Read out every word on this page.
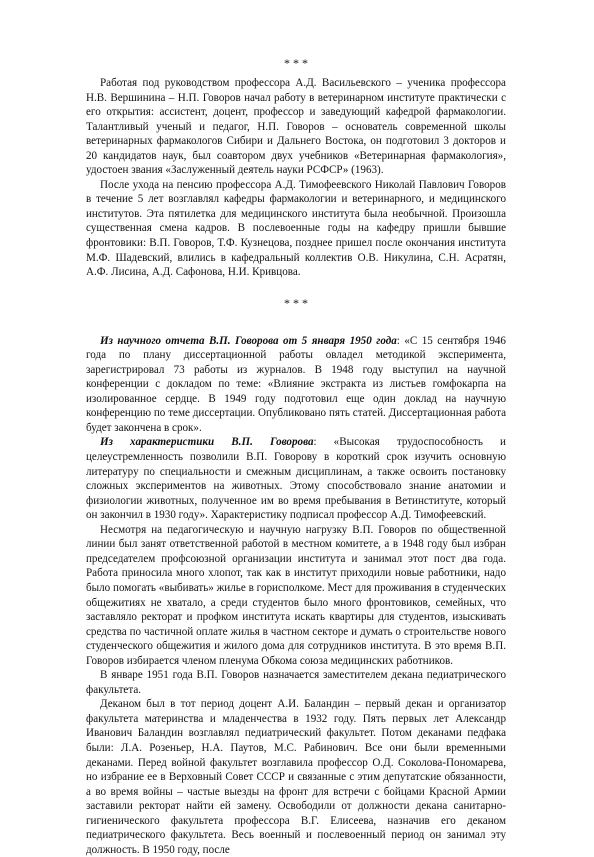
* * *

Работая под руководством профессора А.Д. Васильевского – ученика профессора Н.В. Вершинина – Н.П. Говоров начал работу в ветеринарном институте практически с его открытия: ассистент, доцент, профессор и заведующий кафедрой фармакологии. Талантливый ученый и педагог, Н.П. Говоров – основатель современной школы ветеринарных фармакологов Сибири и Дальнего Востока, он подготовил 3 докторов и 20 кандидатов наук, был соавтором двух учебников «Ветеринарная фармакология», удостоен звания «Заслуженный деятель науки РСФСР» (1963).

После ухода на пенсию профессора А.Д. Тимофеевского Николай Павлович Говоров в течение 5 лет возглавлял кафедры фармакологии и ветеринарного, и медицинского институтов. Эта пятилетка для медицинского института была необычной. Произошла существенная смена кадров. В послевоенные годы на кафедру пришли бывшие фронтовики: В.П. Говоров, Т.Ф. Кузнецова, позднее пришел после окончания института М.Ф. Шадевский, влились в кафедральный коллектив О.В. Никулина, С.Н. Асратян, А.Ф. Лисина, А.Д. Сафонова, Н.И. Кривцова.

* * *

Из научного отчета В.П. Говорова от 5 января 1950 года: «С 15 сентября 1946 года по плану диссертационной работы овладел методикой эксперимента, зарегистрировал 73 работы из журналов. В 1948 году выступил на научной конференции с докладом по теме: «Влияние экстракта из листьев гомфокарпа на изолированное сердце. В 1949 году подготовил еще один доклад на научную конференцию по теме диссертации. Опубликовано пять статей. Диссертационная работа будет закончена в срок».

Из характеристики В.П. Говорова: «Высокая трудоспособность и целеустремленность позволили В.П. Говорову в короткий срок изучить основную литературу по специальности и смежным дисциплинам, а также освоить постановку сложных экспериментов на животных. Этому способствовало знание анатомии и физиологии животных, полученное им во время пребывания в Ветинституте, который он закончил в 1930 году». Характеристику подписал профессор А.Д. Тимофеевский.

Несмотря на педагогическую и научную нагрузку В.П. Говоров по общественной линии был занят ответственной работой в местном комитете, а в 1948 году был избран председателем профсоюзной организации института и занимал этот пост два года. Работа приносила много хлопот, так как в институт приходили новые работники, надо было помогать «выбивать» жилье в горисполкоме. Мест для проживания в студенческих общежитиях не хватало, а среди студентов было много фронтовиков, семейных, что заставляло ректорат и профком института искать квартиры для студентов, изыскивать средства по частичной оплате жилья в частном секторе и думать о строительстве нового студенческого общежития и жилого дома для сотрудников института. В это время В.П. Говоров избирается членом пленума Обкома союза медицинских работников.

В январе 1951 года В.П. Говоров назначается заместителем декана педиатрического факультета.

Деканом был в тот период доцент А.И. Баландин – первый декан и организатор факультета материнства и младенчества в 1932 году. Пять первых лет Александр Иванович Баландин возглавлял педиатрический факультет. Потом деканами педфака были: Л.А. Розеньер, Н.А. Паутов, М.С. Рабинович. Все они были временными деканами. Перед войной факультет возглавила профессор О.Д. Соколова-Пономарева, но избрание ее в Верховный Совет СССР и связанные с этим депутатские обязанности, а во время войны – частые выезды на фронт для встречи с бойцами Красной Армии заставили ректорат найти ей замену. Освободили от должности декана санитарно-гигиенического факультета профессора В.Г. Елисеева, назначив его деканом педиатрического факультета. Весь военный и послевоенный период он занимал эту должность. В 1950 году, после
